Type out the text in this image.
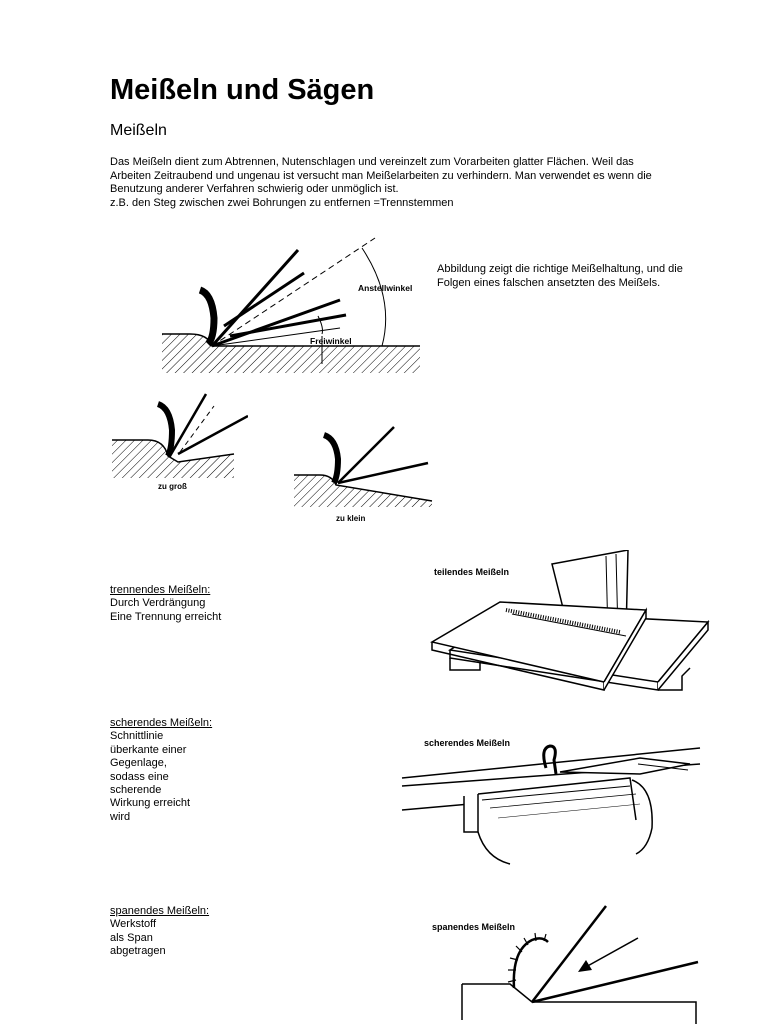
Meißeln und Sägen
Meißeln

Das Meißeln dient zum Abtrennen, Nutenschlagen und vereinzelt zum Vorarbeiten glatter Flächen. Weil das

Arbeiten Zeitraubend und ungenau ist versucht man Meißelarbeiten zu verhindern. Man verwendet es wenn die

Benutzung anderer Verfahren schwierig oder unmöglich ist.

z.B. den Steg zwischen zwei Bohrungen zu entfernen =Trennstemmen

Abbildung zeigt die richtige Meißelhaltung, und die Folgen eines falschen ansetzten des Meißels.
Anstellwinkel
Freiwinkel
zu groß
zu klein
trennendes Meißeln:
Durch Verdrängung
Eine Trennung erreicht
teilendes Meißeln
scherendes Meißeln:
Schnittlinie
überkante einer
Gegenlage,
sodass eine
scherende
Wirkung erreicht
wird
scherendes Meißeln
spanendes Meißeln:
Werkstoff
als Span
abgetragen
spanendes Meißeln
